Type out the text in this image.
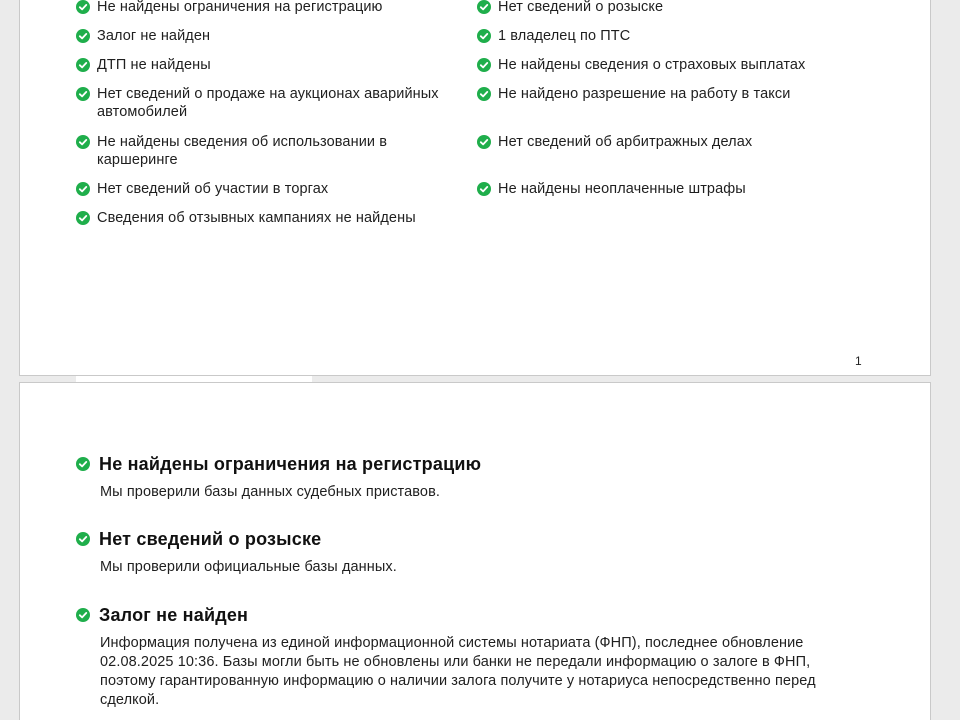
Не найдены ограничения на регистрацию
Залог не найден
ДТП не найдены
Нет сведений о продаже на аукционах аварийных автомобилей
Не найдены сведения об использовании в каршеринге
Нет сведений об участии в торгах
Сведения об отзывных кампаниях не найдены
Нет сведений о розыске
1 владелец по ПТС
Не найдены сведения о страховых выплатах
Не найдено разрешение на работу в такси
Нет сведений об арбитражных делах
Не найдены неоплаченные штрафы
1
Не найдены ограничения на регистрацию
Мы проверили базы данных судебных приставов.
Нет сведений о розыске
Мы проверили официальные базы данных.
Залог не найден
Информация получена из единой информационной системы нотариата (ФНП), последнее обновление 02.08.2025 10:36. Базы могли быть не обновлены или банки не передали информацию о залоге в ФНП, поэтому гарантированную информацию о наличии залога получите у нотариуса непосредственно перед сделкой.
